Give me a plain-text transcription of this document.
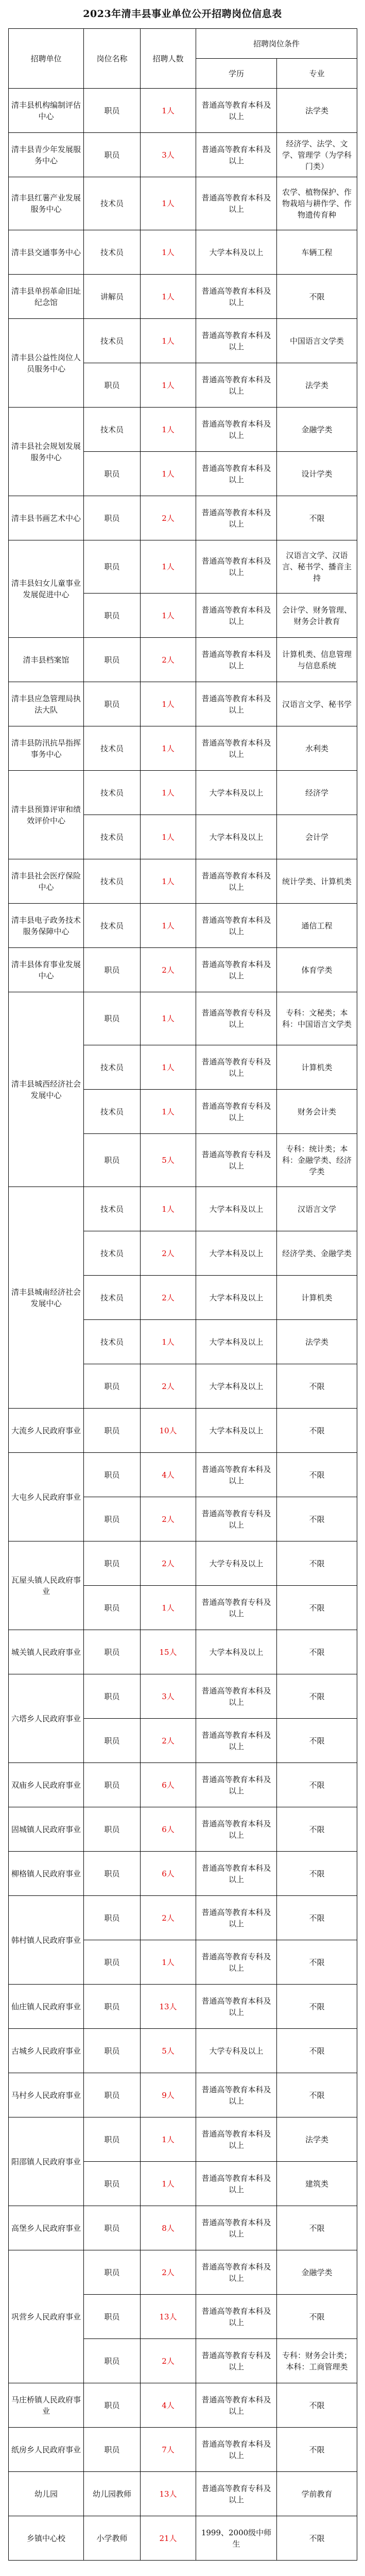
2023年清丰县事业单位公开招聘岗位信息表
招聘单位	岗位名称	招聘人数	招聘岗位条件	
			学历	专业
清丰县机构编制评估中心	职员	1人	普通高等教育本科及以上	法学类
清丰县青少年发展服务中心	职员	3人	普通高等教育本科及以上	经济学、法学、文学、管理学（为学科门类）
清丰县红薯产业发展服务中心	技术员	1人	普通高等教育本科及以上	农学、植物保护、作物栽培与耕作学、作物遗传育种
清丰县交通事务中心	技术员	1人	大学本科及以上	车辆工程
清丰县单拐革命旧址纪念馆	讲解员	1人	普通高等教育本科及以上	不限
清丰县公益性岗位人员服务中心	技术员	1人	普通高等教育本科及以上	中国语言文学类
	职员	1人	普通高等教育本科及以上	法学类
清丰县社会规划发展服务中心	技术员	1人	普通高等教育本科及以上	金融学类
	职员	1人	普通高等教育本科及以上	设计学类
清丰县书画艺术中心	职员	2人	普通高等教育本科及以上	不限
清丰县妇女儿童事业发展促进中心	职员	1人	普通高等教育本科及以上	汉语言文学、汉语言、秘书学、播音主持
	职员	1人	普通高等教育本科及以上	会计学、财务管理、财务会计教育
清丰县档案馆	职员	2人	普通高等教育本科及以上	计算机类、信息管理与信息系统
清丰县应急管理局执法大队	职员	1人	普通高等教育本科及以上	汉语言文学、秘书学
清丰县防汛抗旱指挥事务中心	技术员	1人	普通高等教育本科及以上	水利类
清丰县预算评审和绩效评价中心	技术员	1人	大学本科及以上	经济学
	技术员	1人	大学本科及以上	会计学
清丰县社会医疗保险中心	技术员	1人	普通高等教育本科及以上	统计学类、计算机类
清丰县电子政务技术服务保障中心	技术员	1人	普通高等教育本科及以上	通信工程
清丰县体育事业发展中心	职员	2人	普通高等教育本科及以上	体育学类
清丰县城西经济社会发展中心	职员	1人	普通高等教育专科及以上	专科：文秘类；本科：中国语言文学类
	技术员	1人	普通高等教育专科及以上	计算机类
	技术员	1人	普通高等教育专科及以上	财务会计类
	职员	5人	普通高等教育专科及以上	专科：统计类；本科：金融学类、经济学类
清丰县城南经济社会发展中心	技术员	1人	大学本科及以上	汉语言文学
	技术员	2人	大学本科及以上	经济学类、金融学类
	技术员	2人	大学本科及以上	计算机类
	技术员	1人	大学本科及以上	法学类
	职员	2人	大学本科及以上	不限
大流乡人民政府事业	职员	10人	大学本科及以上	不限
大屯乡人民政府事业	职员	4人	普通高等教育本科及以上	不限
	职员	2人	普通高等教育专科及以上	不限
瓦屋头镇人民政府事业	职员	2人	大学专科及以上	不限
	职员	1人	普通高等教育专科及以上	不限
城关镇人民政府事业	职员	15人	大学本科及以上	不限
六塔乡人民政府事业	职员	3人	普通高等教育本科及以上	不限
	职员	2人	普通高等教育本科及以上	不限
双庙乡人民政府事业	职员	6人	普通高等教育本科及以上	不限
固城镇人民政府事业	职员	6人	普通高等教育本科及以上	不限
柳格镇人民政府事业	职员	6人	普通高等教育本科及以上	不限
韩村镇人民政府事业	职员	2人	普通高等教育本科及以上	不限
	职员	1人	普通高等教育专科及以上	不限
仙庄镇人民政府事业	职员	13人	普通高等教育本科及以上	不限
古城乡人民政府事业	职员	5人	大学专科及以上	不限
马村乡人民政府事业	职员	9人	普通高等教育本科及以上	不限
阳邵镇人民政府事业	职员	1人	普通高等教育本科及以上	法学类
	职员	1人	普通高等教育本科及以上	建筑类
高堡乡人民政府事业	职员	8人	普通高等教育本科及以上	不限
巩营乡人民政府事业	职员	2人	普通高等教育本科及以上	金融学类
	职员	13人	普通高等教育本科及以上	不限
	职员	2人	普通高等教育专科及以上	专科：财务会计类；本科：工商管理类
马庄桥镇人民政府事业	职员	4人	普通高等教育本科及以上	不限
纸房乡人民政府事业	职员	7人	普通高等教育本科及以上	不限
幼儿园	幼儿园教师	13人	普通高等教育专科及以上	学前教育
乡镇中心校	小学教师	21人	1999、2000级中师生	不限
